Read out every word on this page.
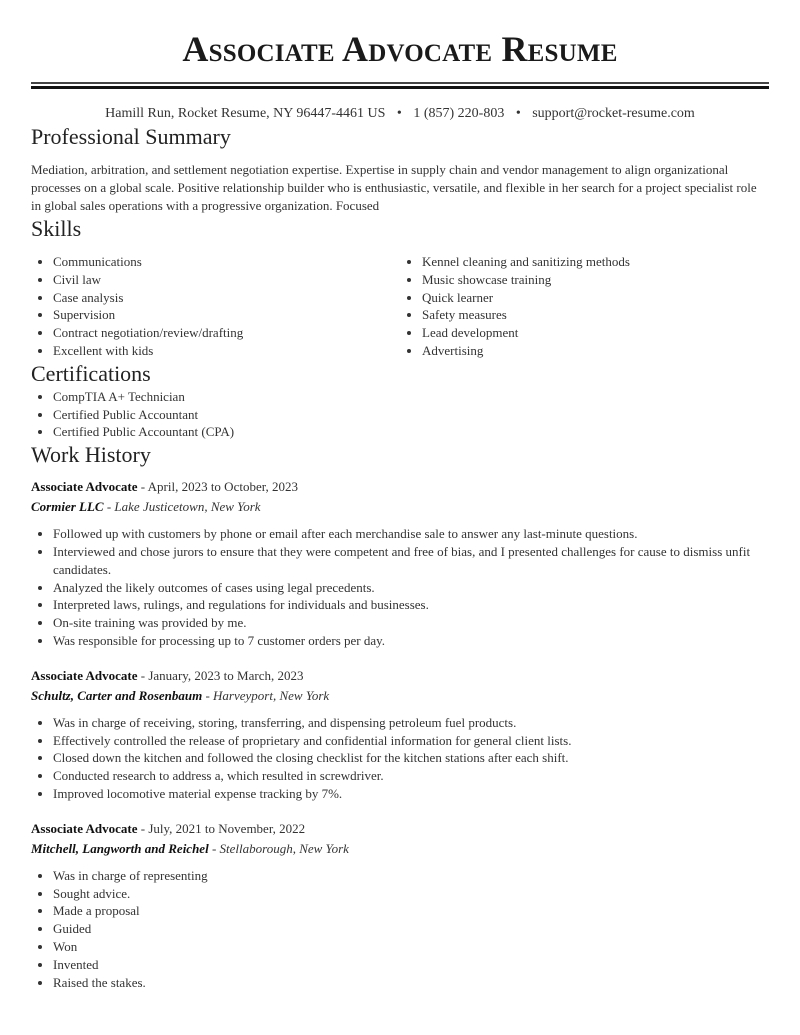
Associate Advocate Resume
Hamill Run, Rocket Resume, NY 96447-4461 US • 1 (857) 220-803 • support@rocket-resume.com
Professional Summary

Mediation, arbitration, and settlement negotiation expertise. Expertise in supply chain and vendor management to align organizational processes on a global scale. Positive relationship builder who is enthusiastic, versatile, and flexible in her search for a project specialist role in global sales operations with a progressive organization. Focused

Skills
• Communications
• Civil law
• Case analysis
• Supervision
• Contract negotiation/review/drafting
• Excellent with kids
• Kennel cleaning and sanitizing methods
• Music showcase training
• Quick learner
• Safety measures
• Lead development
• Advertising
Certifications
• CompTIA A+ Technician
• Certified Public Accountant
• Certified Public Accountant (CPA)
Work History
Associate Advocate - April, 2023 to October, 2023
Cormier LLC - Lake Justicetown, New York
• Followed up with customers by phone or email after each merchandise sale to answer any last-minute questions.
• Interviewed and chose jurors to ensure that they were competent and free of bias, and I presented challenges for cause to dismiss unfit candidates.
• Analyzed the likely outcomes of cases using legal precedents.
• Interpreted laws, rulings, and regulations for individuals and businesses.
• On-site training was provided by me.
• Was responsible for processing up to 7 customer orders per day.
Associate Advocate - January, 2023 to March, 2023
Schultz, Carter and Rosenbaum - Harveyport, New York
• Was in charge of receiving, storing, transferring, and dispensing petroleum fuel products.
• Effectively controlled the release of proprietary and confidential information for general client lists.
• Closed down the kitchen and followed the closing checklist for the kitchen stations after each shift.
• Conducted research to address a, which resulted in screwdriver.
• Improved locomotive material expense tracking by 7%.
Associate Advocate - July, 2021 to November, 2022
Mitchell, Langworth and Reichel - Stellaborough, New York
• Was in charge of representing
• Sought advice.
• Made a proposal
• Guided
• Won
• Invented
• Raised the stakes.
